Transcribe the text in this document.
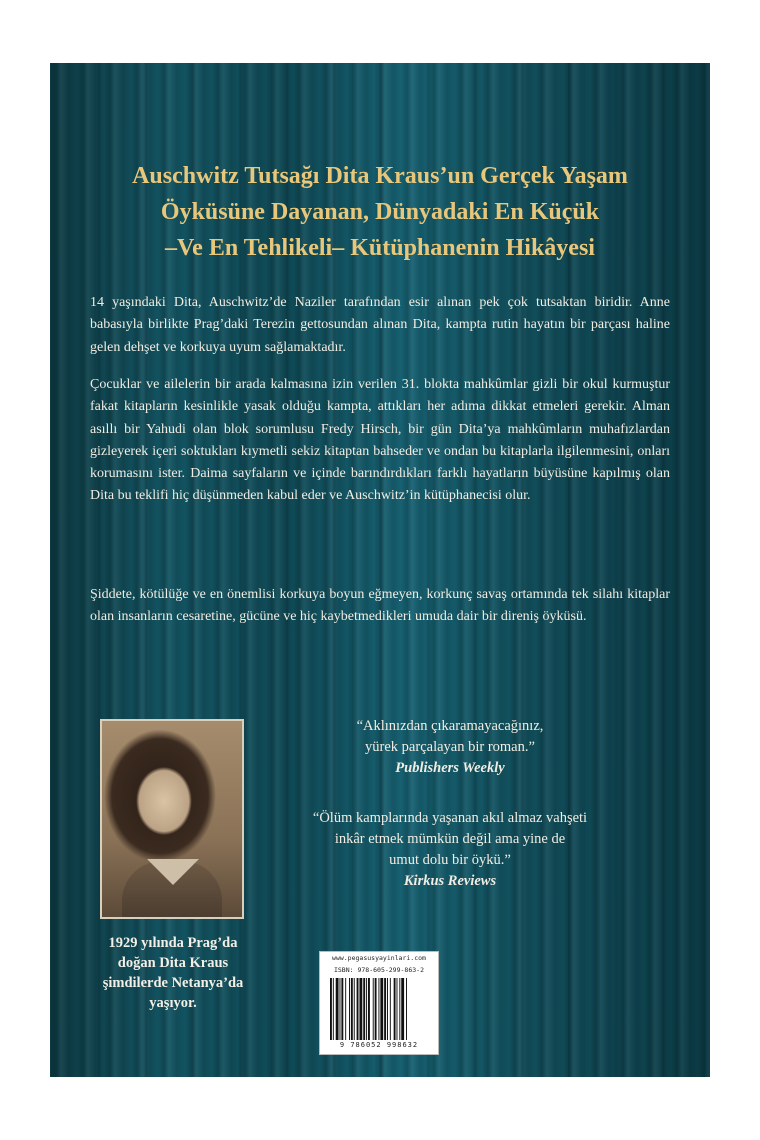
Auschwitz Tutsağı Dita Kraus’un Gerçek Yaşam
Öyküsüne Dayanan, Dünyadaki En Küçük
–Ve En Tehlikeli– Kütüphanenin Hikâyesi
14 yaşındaki Dita, Auschwitz’de Naziler tarafından esir alınan pek çok tutsaktan biridir. Anne babasıyla birlikte Prag’daki Terezin gettosundan alınan Dita, kampta rutin hayatın bir parçası haline gelen dehşet ve korkuya uyum sağlamaktadır.
Çocuklar ve ailelerin bir arada kalmasına izin verilen 31. blokta mahkûmlar gizli bir okul kurmuştur fakat kitapların kesinlikle yasak olduğu kampta, attıkları her adıma dikkat etmeleri gerekir. Alman asıllı bir Yahudi olan blok sorumlusu Fredy Hirsch, bir gün Dita’ya mahkûmların muhafızlardan gizleyerek içeri soktukları kıymetli sekiz kitaptan bahseder ve ondan bu kitaplarla ilgilenmesini, onları korumasını ister. Daima sayfaların ve içinde barındırdıkları farklı hayatların büyüsüne kapılmış olan Dita bu teklifi hiç düşünmeden kabul eder ve Auschwitz’in kütüphanecisi olur.
Şiddete, kötülüğe ve en önemlisi korkuya boyun eğmeyen, korkunç savaş ortamında tek silahı kitaplar olan insanların cesaretine, gücüne ve hiç kaybetmedikleri umuda dair bir direniş öyküsü.
1929 yılında Prag’da
doğan Dita Kraus
şimdilerde Netanya’da
yaşıyor.
“Aklınızdan çıkaramayacağınız,
yürek parçalayan bir roman.”
Publishers Weekly
“Ölüm kamplarında yaşanan akıl almaz vahşeti
inkâr etmek mümkün değil ama yine de
umut dolu bir öykü.”
Kirkus Reviews
www.pegasusyayinlari.com
ISBN: 978-605-299-863-2
9 786052 998632
